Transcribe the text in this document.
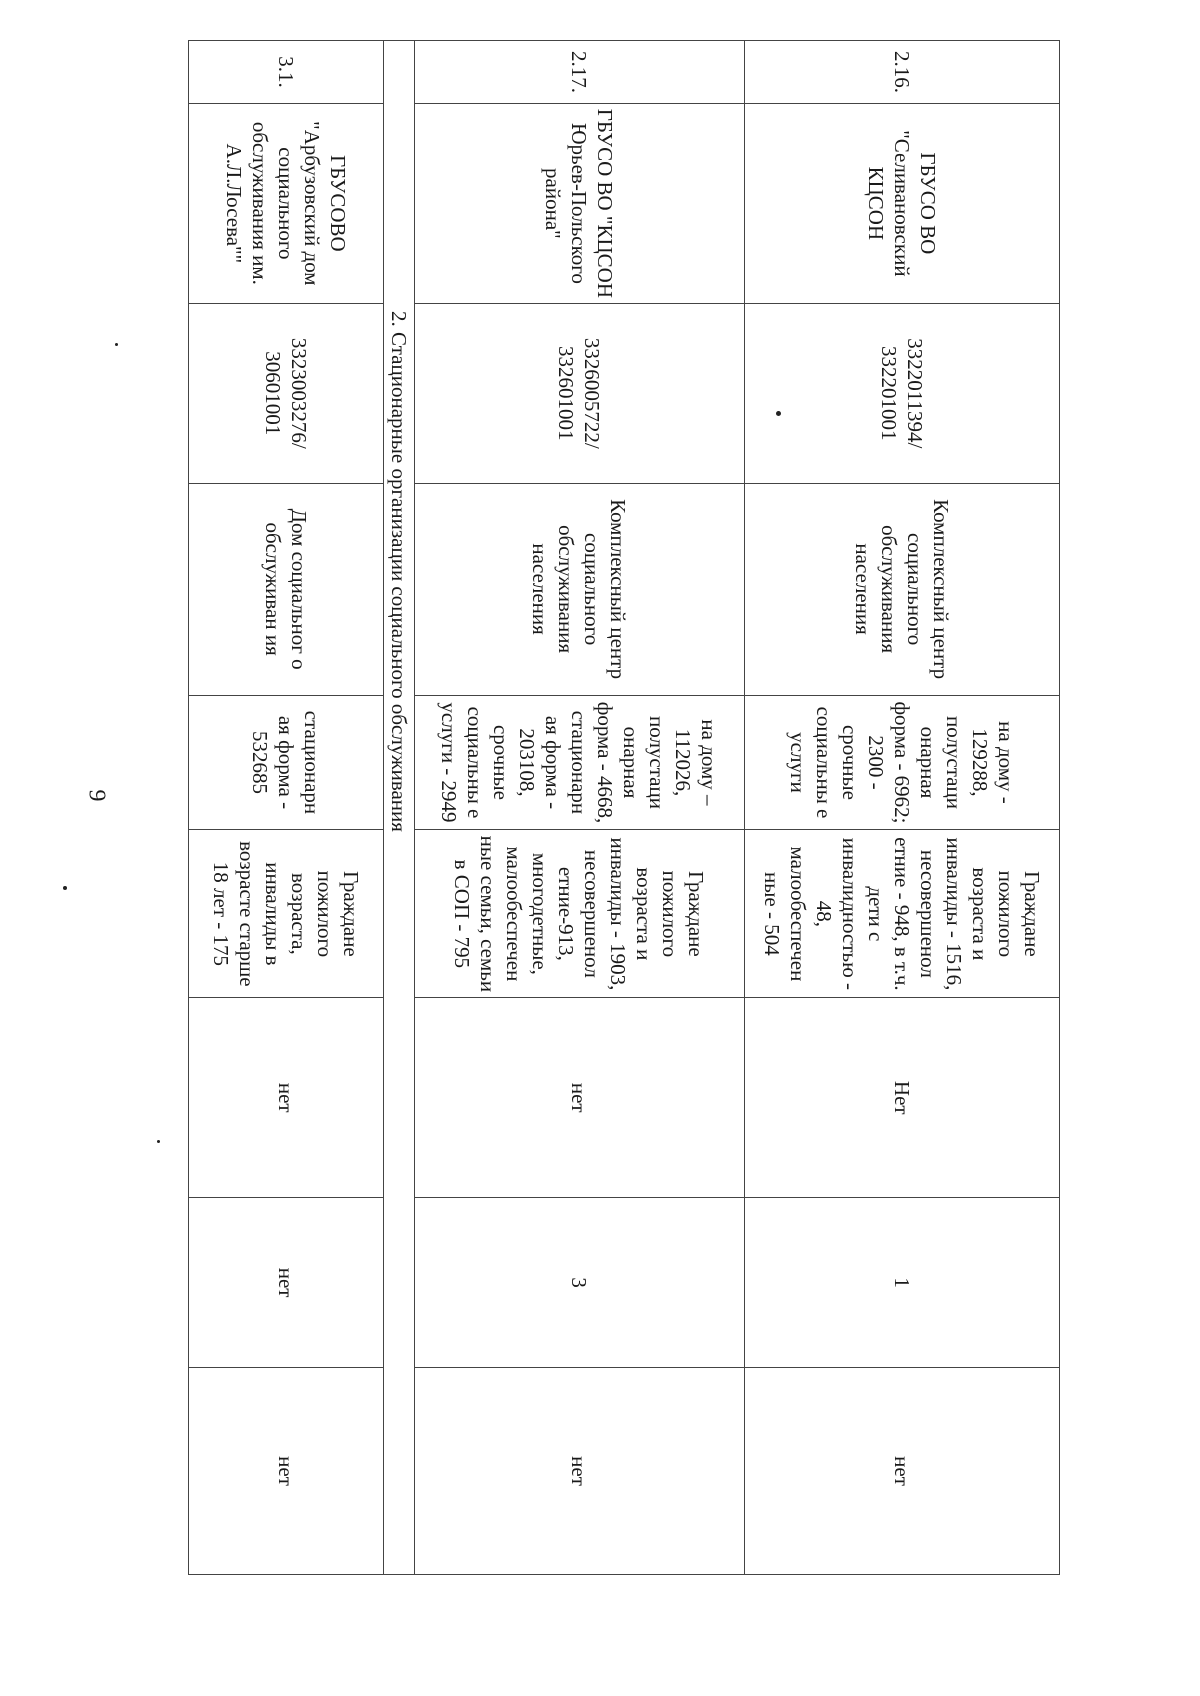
9
2.16.	ГБУСО ВО "Селивановский КЦСОН	3322011394/ 332201001	Комплексный центр социального обслуживания населения	на дому - 129288, полустаци онарная форма - 6962; 2300 - срочные социальны е услуги	Граждане пожилого возраста и инвалиды - 1516, несовершенол етние - 948, в т.ч. дети с инвалидностью - 48, малообеспечен ные - 504	Нет	1	нет
2.17.	ГБУСО ВО "КЦСОН Юрьев-Польского района"	3326005722/ 332601001	Комплексный центр социального обслуживания населения	на дому – 112026, полустаци онарная форма - 4668, стационарн ая форма - 203108, срочные социальны е услуги - 2949	Граждане пожилого возраста и инвалиды - 1903, несовершенол етние-913, многодетные, малообеспечен ные семьи, семьи в СОП - 795	нет	3	нет
2. Стационарные организации социального обслуживания								
3.1.	ГБУСОВО "Арбузовский дом социального обслуживания им. А.Л.Лосева""	3323003276/ 30601001	Дом социальног о обслуживан ия	стационарн ая форма - 532685	Граждане пожилого возраста, инвалиды в возрасте старше 18 лет - 175	нет	нет	нет
